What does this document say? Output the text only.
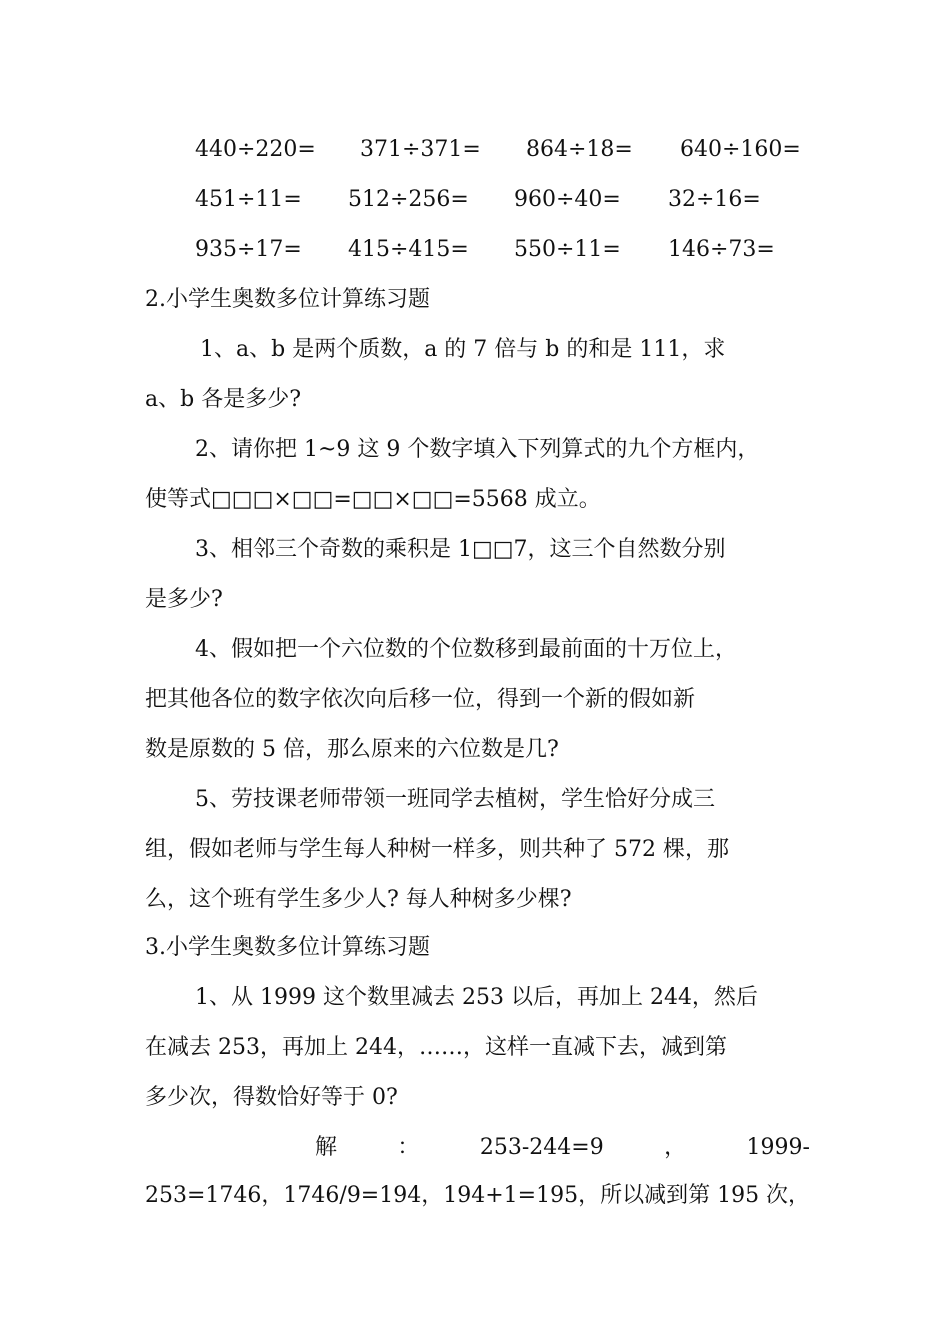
440÷220= 371÷371= 864÷18= 640÷160=
451÷11= 512÷256= 960÷40= 32÷16=
935÷17= 415÷415= 550÷11= 146÷73=
2.小学生奥数多位计算练习题
1、a、b 是两个质数，a 的 7 倍与 b 的和是 111，求
a、b 各是多少?
2、请你把 1~9 这 9 个数字填入下列算式的九个方框内，
使等式□□□×□□=□□×□□=5568 成立。
3、相邻三个奇数的乘积是 1□□7，这三个自然数分别
是多少?
4、假如把一个六位数的个位数移到最前面的十万位上，
把其他各位的数字依次向后移一位，得到一个新的假如新
数是原数的 5 倍，那么原来的六位数是几?
5、劳技课老师带领一班同学去植树，学生恰好分成三
组，假如老师与学生每人种树一样多，则共种了 572 棵，那
么，这个班有学生多少人? 每人种树多少棵?
3.小学生奥数多位计算练习题
1、从 1999 这个数里减去 253 以后，再加上 244，然后
在减去 253，再加上 244，……，这样一直减下去，减到第
多少次，得数恰好等于 0?
解	：	253-244=9	，	1999-
253=1746，1746/9=194，194+1=195，所以减到第 195 次，
